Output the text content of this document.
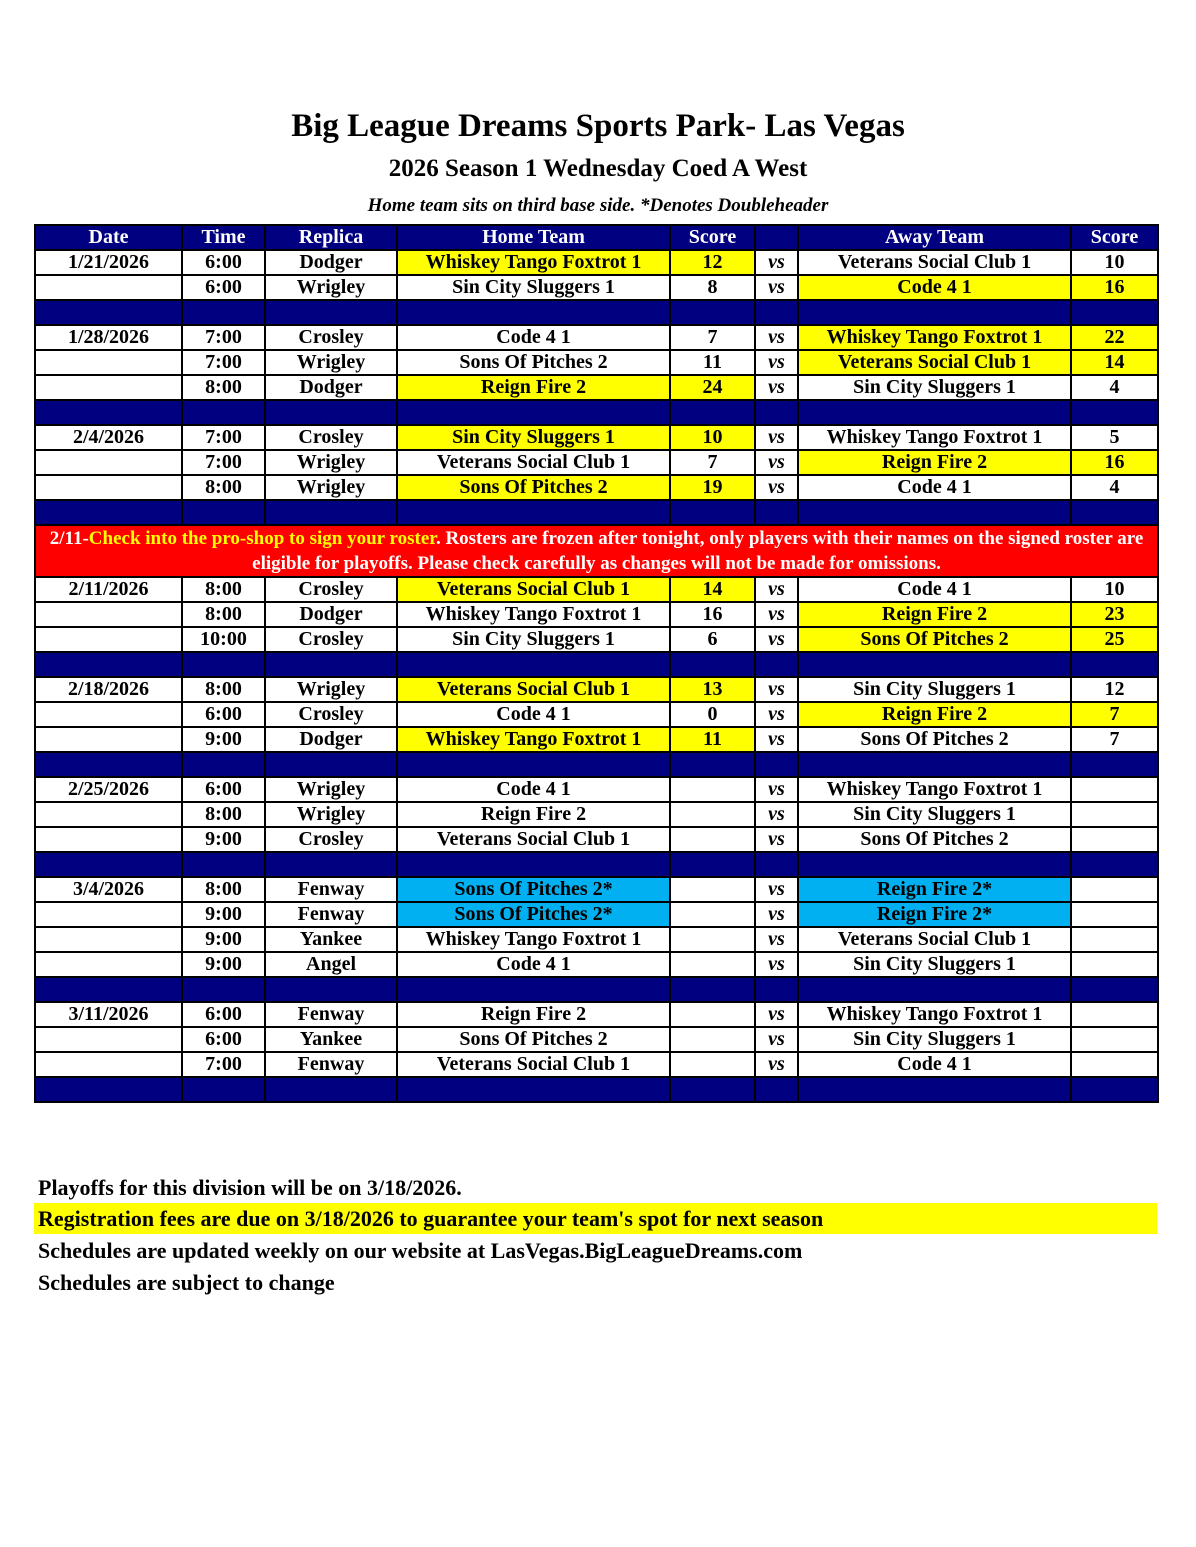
Big League Dreams Sports Park- Las Vegas
2026 Season 1 Wednesday Coed A West
Home team sits on third base side. *Denotes Doubleheader
Date	Time	Replica	Home Team	Score		Away Team	Score
1/21/2026	6:00	Dodger	Whiskey Tango Foxtrot 1	12	vs	Veterans Social Club 1	10
	6:00	Wrigley	Sin City Sluggers 1	8	vs	Code 4 1	16

1/28/2026	7:00	Crosley	Code 4 1	7	vs	Whiskey Tango Foxtrot 1	22
	7:00	Wrigley	Sons Of Pitches 2	11	vs	Veterans Social Club 1	14
	8:00	Dodger	Reign Fire 2	24	vs	Sin City Sluggers 1	4

2/4/2026	7:00	Crosley	Sin City Sluggers 1	10	vs	Whiskey Tango Foxtrot 1	5
	7:00	Wrigley	Veterans Social Club 1	7	vs	Reign Fire 2	16
	8:00	Wrigley	Sons Of Pitches 2	19	vs	Code 4 1	4

2/11-Check into the pro-shop to sign your roster. Rosters are frozen after tonight, only players with their names on the signed roster are eligible for playoffs. Please check carefully as changes will not be made for omissions.							
2/11/2026	8:00	Crosley	Veterans Social Club 1	14	vs	Code 4 1	10
	8:00	Dodger	Whiskey Tango Foxtrot 1	16	vs	Reign Fire 2	23
	10:00	Crosley	Sin City Sluggers 1	6	vs	Sons Of Pitches 2	25

2/18/2026	8:00	Wrigley	Veterans Social Club 1	13	vs	Sin City Sluggers 1	12
	6:00	Crosley	Code 4 1	0	vs	Reign Fire 2	7
	9:00	Dodger	Whiskey Tango Foxtrot 1	11	vs	Sons Of Pitches 2	7

2/25/2026	6:00	Wrigley	Code 4 1		vs	Whiskey Tango Foxtrot 1	
	8:00	Wrigley	Reign Fire 2		vs	Sin City Sluggers 1	
	9:00	Crosley	Veterans Social Club 1		vs	Sons Of Pitches 2	

3/4/2026	8:00	Fenway	Sons Of Pitches 2*		vs	Reign Fire 2*	
	9:00	Fenway	Sons Of Pitches 2*		vs	Reign Fire 2*	
	9:00	Yankee	Whiskey Tango Foxtrot 1		vs	Veterans Social Club 1	
	9:00	Angel	Code 4 1		vs	Sin City Sluggers 1	

3/11/2026	6:00	Fenway	Reign Fire 2		vs	Whiskey Tango Foxtrot 1	
	6:00	Yankee	Sons Of Pitches 2		vs	Sin City Sluggers 1	
	7:00	Fenway	Veterans Social Club 1		vs	Code 4 1	

Playoffs for this division will be on 3/18/2026.
Registration fees are due on 3/18/2026 to guarantee your team's spot for next season
Schedules are updated weekly on our website at LasVegas.BigLeagueDreams.com
Schedules are subject to change
